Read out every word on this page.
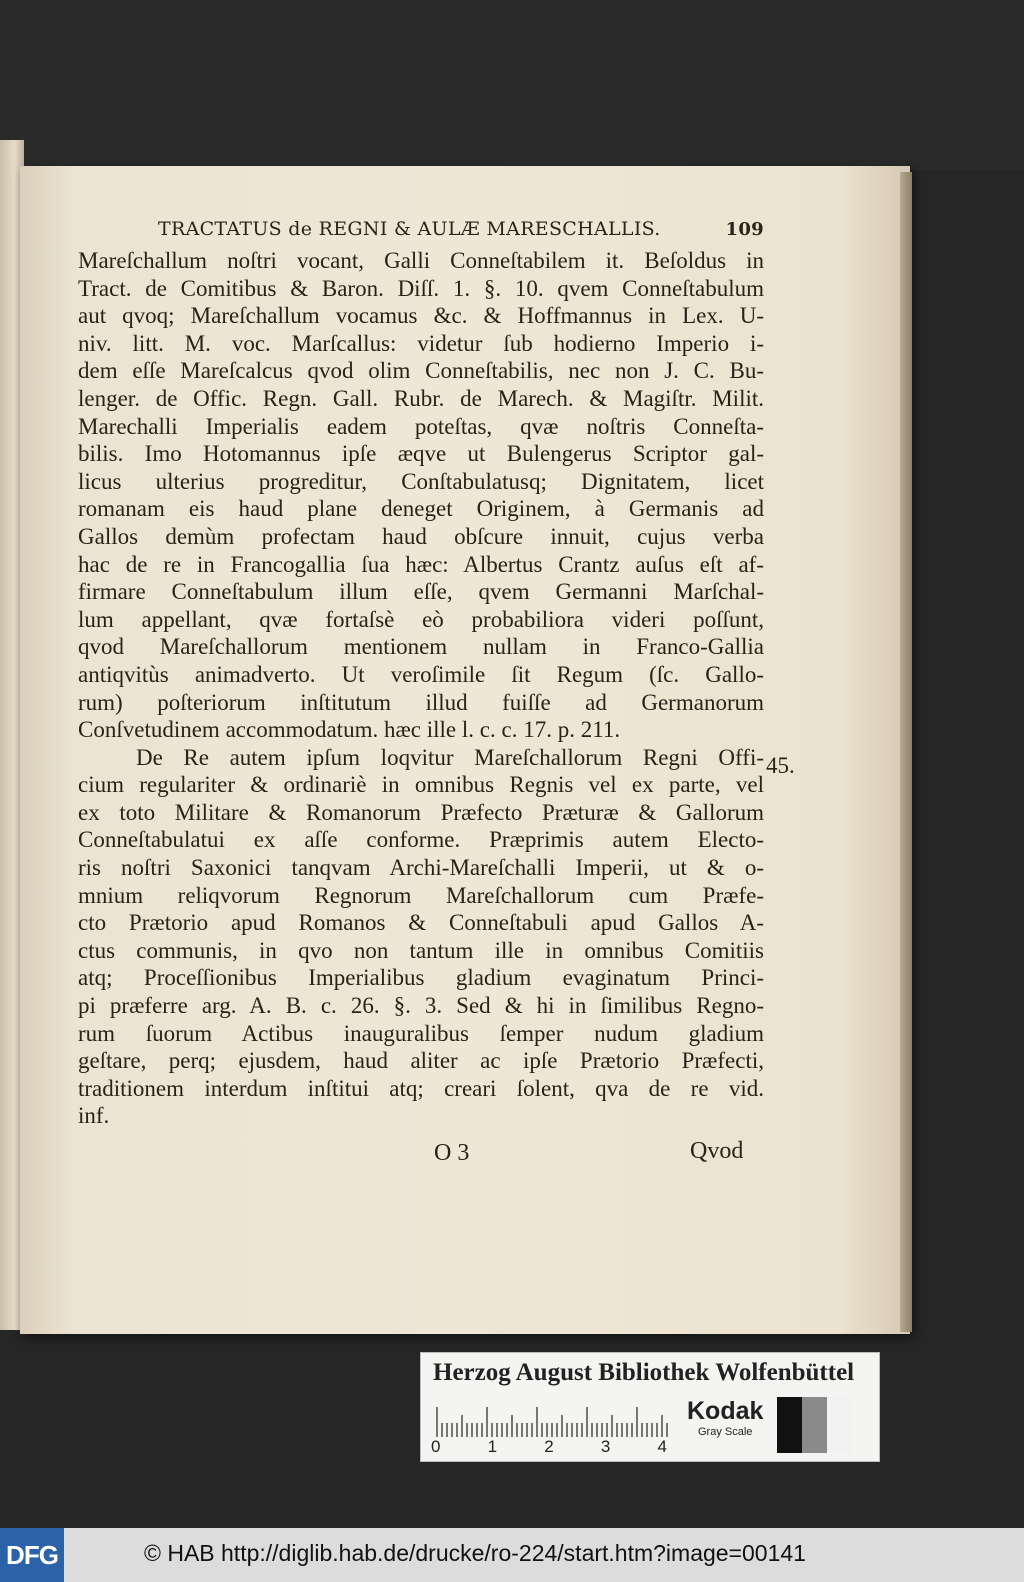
TRACTATUS de REGNI & AULÆ MARESCHALLIS.	109
Mareſchallum noſtri vocant, Galli Conneſtabilem it. Beſoldus in
Tract. de Comitibus & Baron. Diſſ. 1. §. 10. qvem Conneſtabulum
aut qvoq; Mareſchallum vocamus &c. & Hoffmannus in Lex. U-
niv. litt. M. voc. Marſcallus: videtur ſub hodierno Imperio i-
dem eſſe Mareſcalcus qvod olim Conneſtabilis, nec non J. C. Bu-
lenger. de Offic. Regn. Gall. Rubr. de Marech. & Magiſtr. Milit.
Marechalli Imperialis eadem poteſtas, qvæ noſtris Conneſta-
bilis. Imo Hotomannus ipſe æqve ut Bulengerus Scriptor gal-
licus ulterius progreditur, Conſtabulatusq; Dignitatem, licet
romanam eis haud plane deneget Originem, à Germanis ad
Gallos demùm profectam haud obſcure innuit, cujus verba
hac de re in Francogallia ſua hæc: Albertus Crantz auſus eſt af-
firmare Conneſtabulum illum eſſe, qvem Germanni Marſchal-
lum appellant, qvæ fortaſsè eò probabiliora videri poſſunt,
qvod Mareſchallorum mentionem nullam in Franco-Gallia
antiqvitùs animadverto. Ut veroſimile ſit Regum (ſc. Gallo-
rum) poſteriorum inſtitutum illud fuiſſe ad Germanorum
Conſvetudinem accommodatum. hæc ille l. c. c. 17. p. 211.
De Re autem ipſum loqvitur Mareſchallorum Regni Offi-
cium regulariter & ordinariè in omnibus Regnis vel ex parte, vel
ex toto Militare & Romanorum Præfecto Præturæ & Gallorum
Conneſtabulatui ex aſſe conforme. Præprimis autem Electo-
ris noſtri Saxonici tanqvam Archi-Mareſchalli Imperii, ut & o-
mnium reliqvorum Regnorum Mareſchallorum cum Præfe-
cto Prætorio apud Romanos & Conneſtabuli apud Gallos A-
ctus communis, in qvo non tantum ille in omnibus Comitiis
atq; Proceſſionibus Imperialibus gladium evaginatum Princi-
pi præferre arg. A. B. c. 26. §. 3. Sed & hi in ſimilibus Regno-
rum ſuorum Actibus inauguralibus ſemper nudum gladium
geſtare, perq; ejusdem, haud aliter ac ipſe Prætorio Præfecti,
traditionem interdum inſtitui atq; creari ſolent, qva de re vid.
inf.
45.
O 3	Qvod
Herzog August Bibliothek Wolfenbüttel
0	1	2	3	4
Kodak
Gray Scale
DFG	© HAB http://diglib.hab.de/drucke/ro-224/start.htm?image=00141
